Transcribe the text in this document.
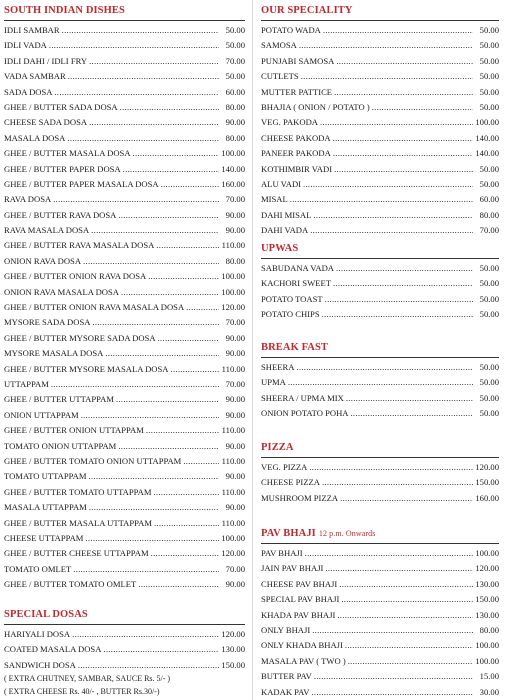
SOUTH INDIAN DISHES
IDLI SAMBAR .....	50.00
IDLI VADA .....	50.00
IDLI DAHI / IDLI FRY .....	70.00
VADA SAMBAR .....	50.00
SADA DOSA .....	60.00
GHEE / BUTTER SADA DOSA .....	80.00
CHEESE SADA DOSA .....	90.00
MASALA DOSA .....	80.00
GHEE / BUTTER MASALA DOSA .....	100.00
GHEE / BUTTER PAPER DOSA .....	140.00
GHEE / BUTTER PAPER MASALA DOSA .....	160.00
RAVA DOSA .....	70.00
GHEE / BUTTER RAVA DOSA .....	90.00
RAVA MASALA DOSA .....	90.00
GHEE / BUTTER RAVA MASALA DOSA .....	110.00
ONION RAVA DOSA .....	80.00
GHEE / BUTTER ONION RAVA DOSA .....	100.00
ONION RAVA MASALA DOSA .....	100.00
GHEE / BUTTER ONION RAVA MASALA DOSA .....	120.00
MYSORE SADA DOSA .....	70.00
GHEE / BUTTER MYSORE SADA DOSA .....	90.00
MYSORE MASALA DOSA .....	90.00
GHEE / BUTTER MYSORE MASALA DOSA .....	110.00
UTTAPPAM .....	70.00
GHEE / BUTTER UTTAPPAM .....	90.00
ONION UTTAPPAM .....	90.00
GHEE / BUTTER ONION UTTAPPAM .....	110.00
TOMATO ONION UTTAPPAM .....	90.00
GHEE / BUTTER TOMATO ONION UTTAPPAM .....	110.00
TOMATO UTTAPPAM .....	90.00
GHEE / BUTTER TOMATO UTTAPPAM .....	110.00
MASALA UTTAPPAM .....	90.00
GHEE / BUTTER MASALA UTTAPPAM .....	110.00
CHEESE UTTAPPAM .....	100.00
GHEE / BUTTER CHEESE UTTAPPAM .....	120.00
TOMATO OMLET .....	70.00
GHEE / BUTTER TOMATO OMLET .....	90.00
SPECIAL DOSAS
HARIYALI DOSA .....	120.00
COATED MASALA DOSA .....	130.00
SANDWICH DOSA .....	150.00
( EXTRA CHUTNEY, SAMBAR, SAUCE Rs. 5/- )
( EXTRA CHEESE Rs. 40/- , BUTTER Rs.30/-)
OUR SPECIALITY
POTATO WADA .....	50.00
SAMOSA .....	50.00
PUNJABI SAMOSA .....	50.00
CUTLETS .....	50.00
MUTTER PATTICE .....	50.00
BHAJIA ( ONION / POTATO ) .....	50.00
VEG. PAKODA .....	100.00
CHEESE PAKODA .....	140.00
PANEER PAKODA .....	140.00
KOTHIMBIR VADI .....	50.00
ALU VADI .....	50.00
MISAL .....	60.00
DAHI MISAL .....	80.00
DAHI VADA .....	70.00
UPWAS
SABUDANA VADA .....	50.00
KACHORI SWEET .....	50.00
POTATO TOAST .....	50.00
POTATO CHIPS .....	50.00
BREAK FAST
SHEERA .....	50.00
UPMA .....	50.00
SHEERA / UPMA MIX .....	50.00
ONION POTATO POHA .....	50.00
PIZZA
VEG. PIZZA .....	120.00
CHEESE PIZZA .....	150.00
MUSHROOM PIZZA .....	160.00
PAV BHAJI 12 p.m. Onwards
PAV BHAJI .....	100.00
JAIN PAV BHAJI .....	120.00
CHEESE PAV BHAJI .....	130.00
SPECIAL PAV BHAJI .....	150.00
KHADA PAV BHAJI .....	130.00
ONLY BHAJI .....	80.00
ONLY KHADA BHAJI .....	100.00
MASALA PAV ( TWO ) .....	100.00
BUTTER PAV .....	15.00
KADAK PAV .....	30.00
